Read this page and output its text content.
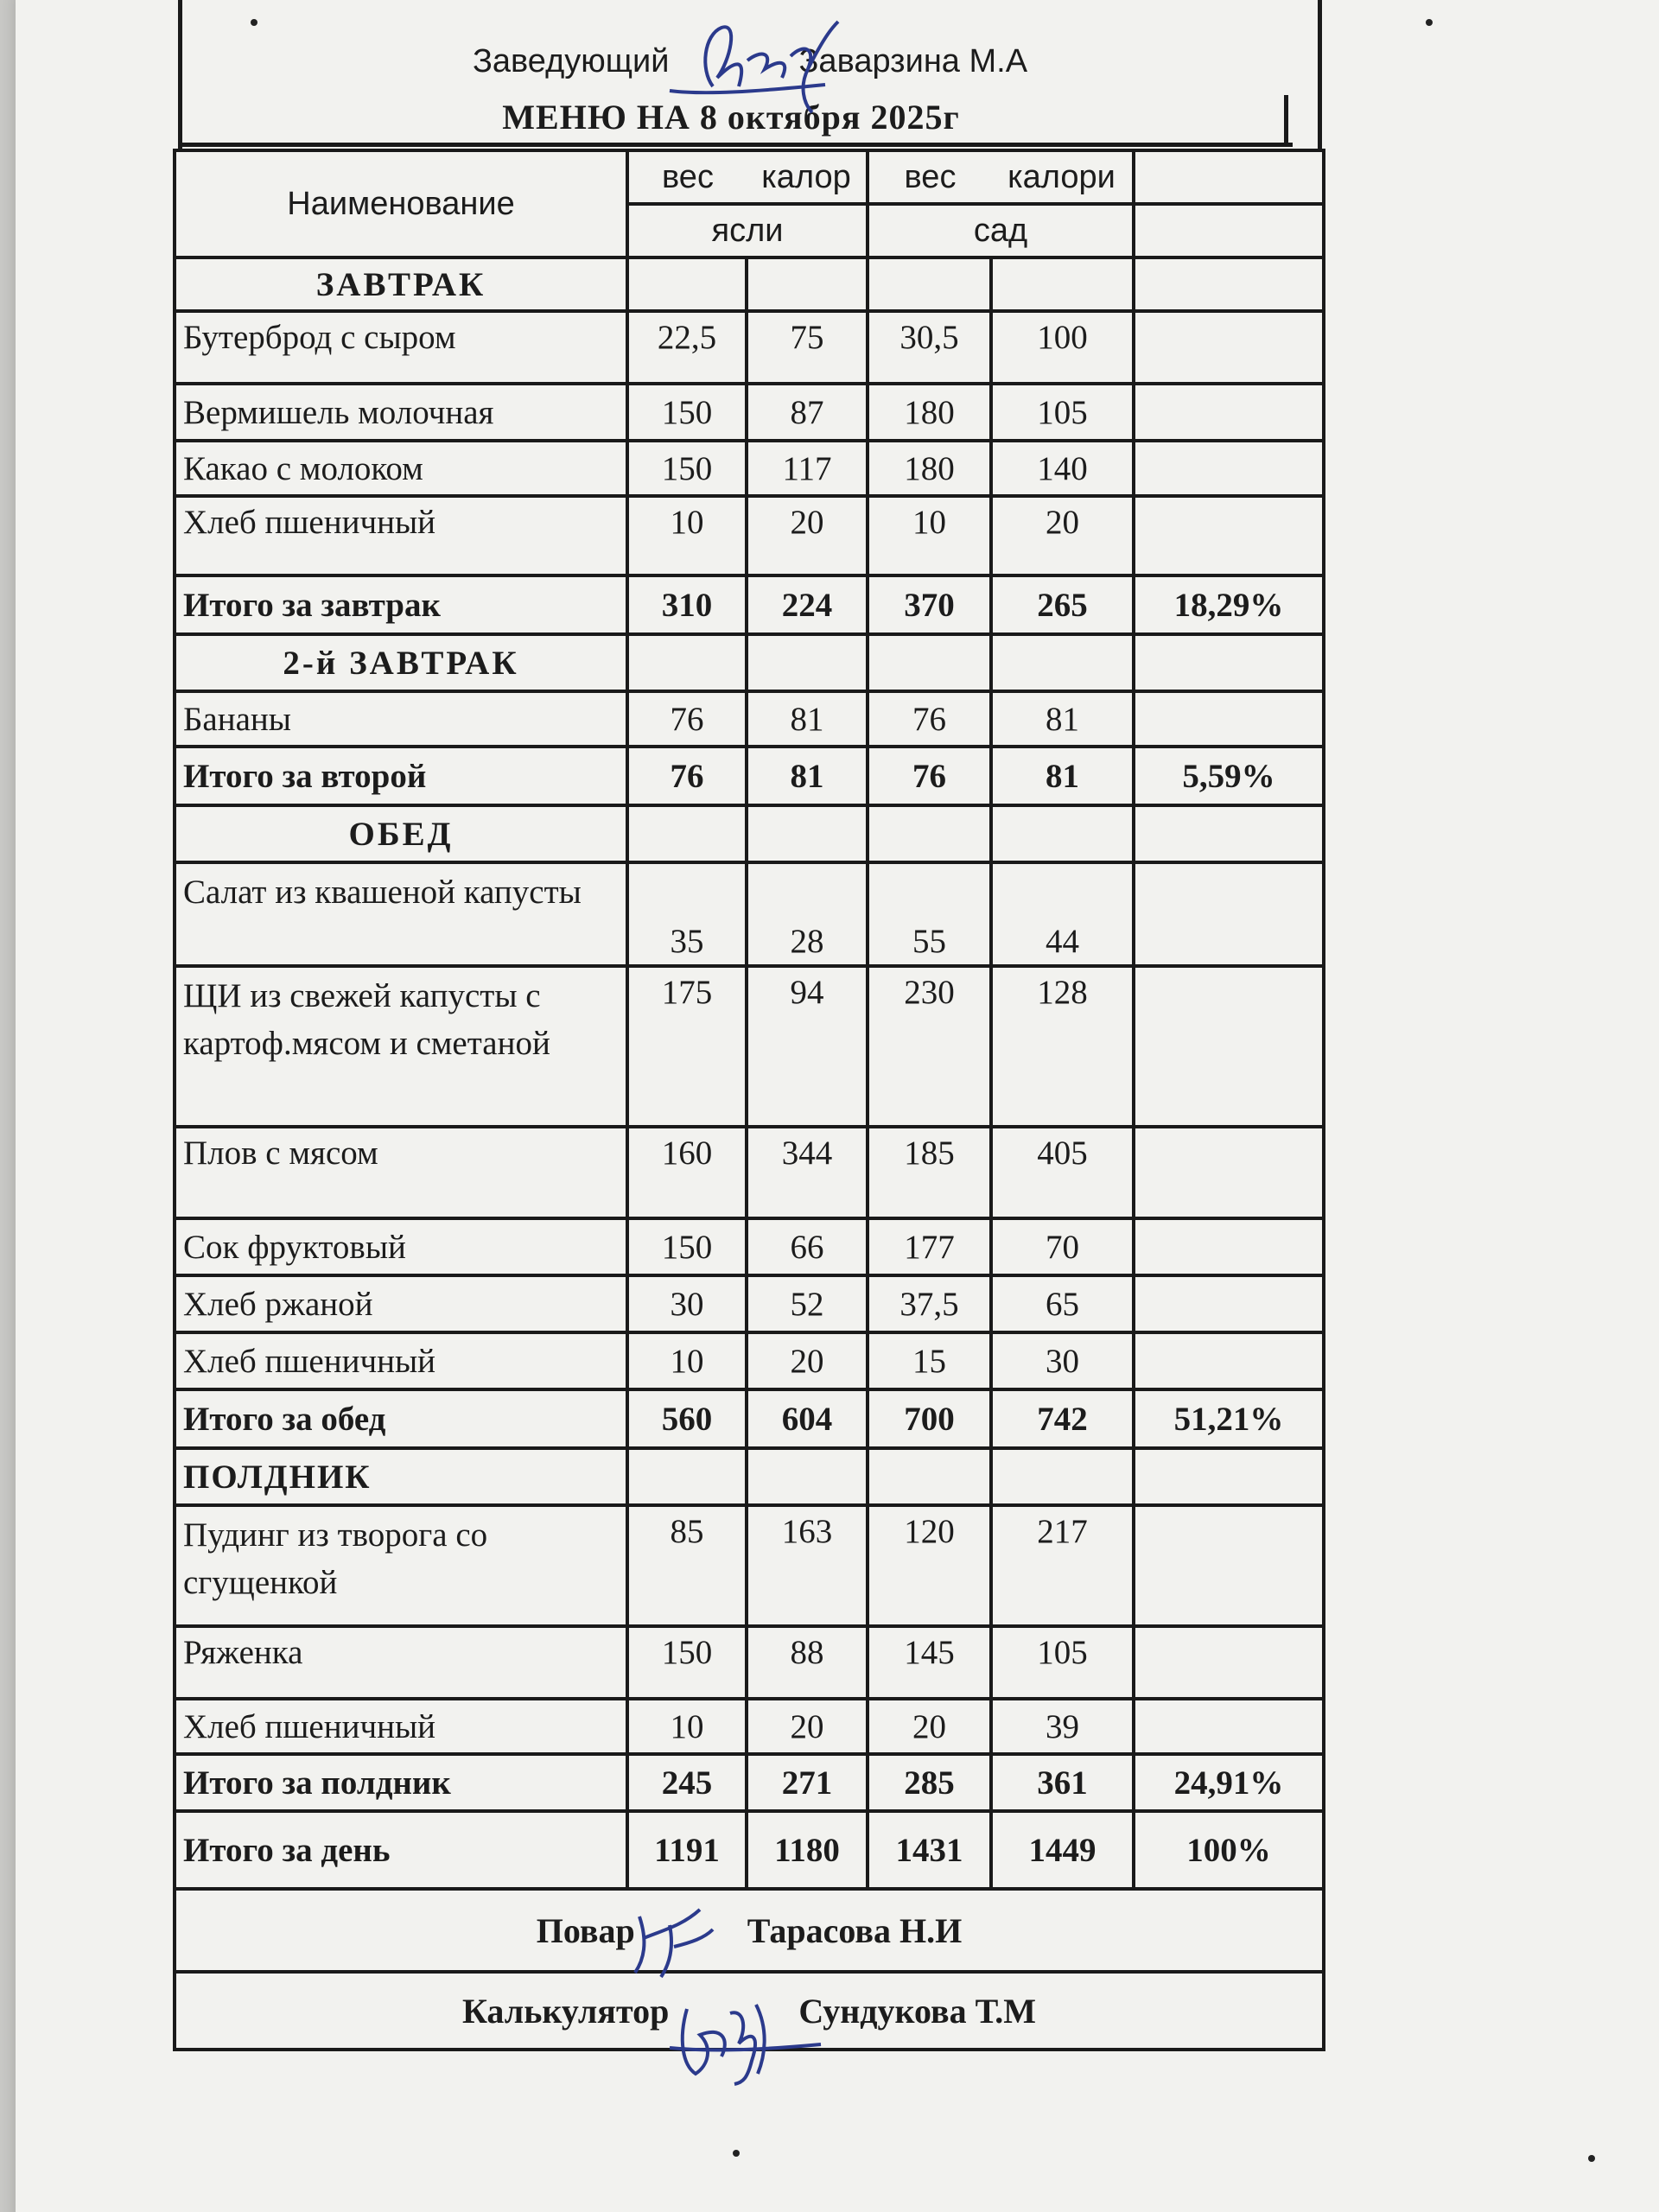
Заведующий	Заварзина М.А
МЕНЮ НА 8 октября 2025г
Наименование	вес	калор	вес	калори	
	ясли		сад		
ЗАВТРАК					
Бутерброд с сыром	22,5	75	30,5	100	
Вермишель молочная	150	87	180	105	
Какао с молоком	150	117	180	140	
Хлеб пшеничный	10	20	10	20	
Итого за завтрак	310	224	370	265	18,29%
2-й ЗАВТРАК					
Бананы	76	81	76	81	
Итого за второй	76	81	76	81	5,59%
ОБЕД					
Салат из квашеной капусты	35	28	55	44	
ЩИ из свежей капусты с картоф.мясом и сметаной	175	94	230	128	
Плов с мясом	160	344	185	405	
Сок фруктовый	150	66	177	70	
Хлеб ржаной	30	52	37,5	65	
Хлеб пшеничный	10	20	15	30	
Итого за обед	560	604	700	742	51,21%
ПОЛДНИК					
Пудинг из творога со сгущенкой	85	163	120	217	
Ряженка	150	88	145	105	
Хлеб пшеничный	10	20	20	39	
Итого за полдник	245	271	285	361	24,91%
Итого за день	1191	1180	1431	1449	100%
Повар Тарасова Н.И					
Калькулятор Сундукова Т.М					
